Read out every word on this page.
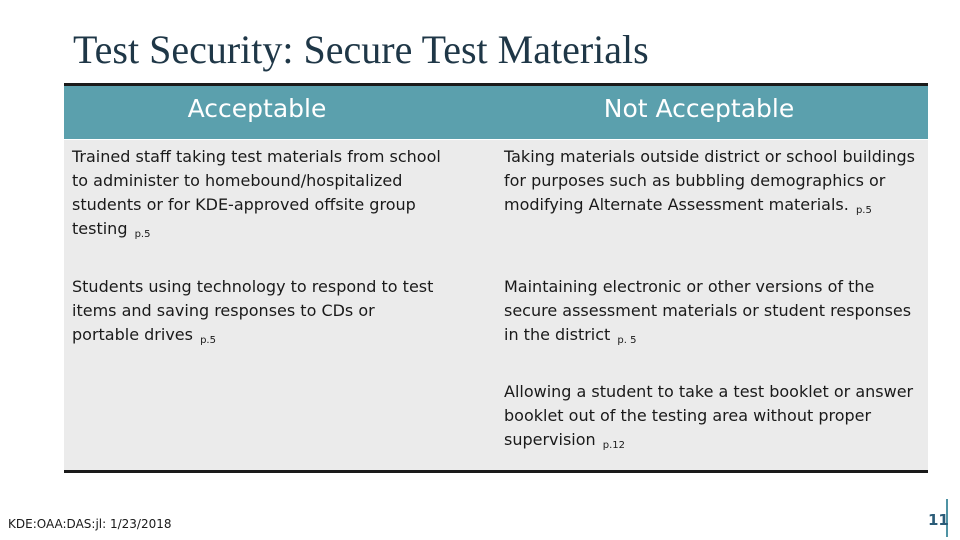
Test Security: Secure Test Materials
Acceptable	Not Acceptable
Trained staff taking test materials from school to administer to homebound/hospitalized students or for KDE-approved offsite group testing p.5
Students using technology to respond to test items and saving responses to CDs or portable drives p.5
Taking materials outside district or school buildings for purposes such as bubbling demographics or modifying Alternate Assessment materials. p.5
Maintaining electronic or other versions of the secure assessment materials or student responses in the district p. 5
Allowing a student to take a test booklet or answer booklet out of the testing area without proper supervision p.12
KDE:OAA:DAS:jl: 1/23/2018	11
